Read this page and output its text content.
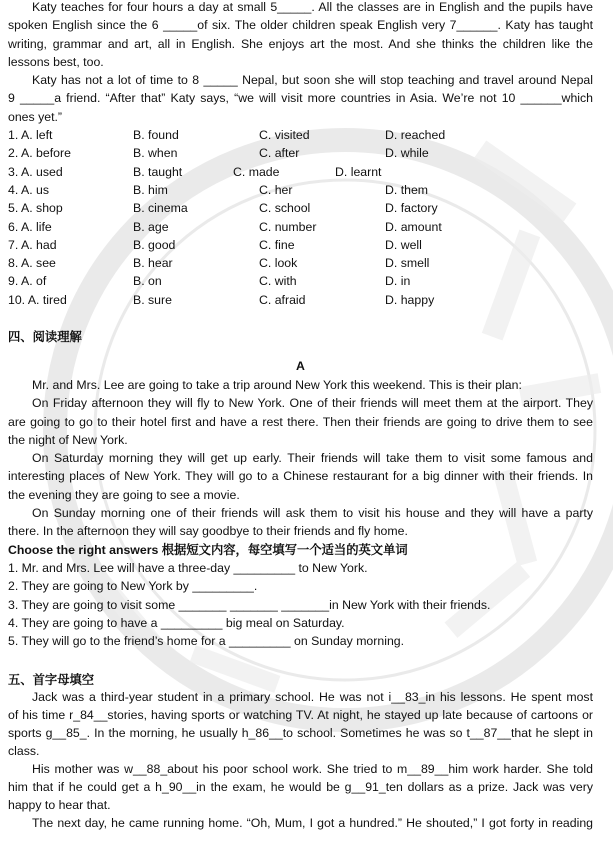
Katy teaches for four hours a day at small 5_____. All the classes are in English and the pupils have
spoken English since the 6 _____of six. The older children speak English very 7______. Katy has taught
writing, grammar and art, all in English. She enjoys art the most. And she thinks the children like the
lessons best, too.
Katy has not a lot of time to 8 _____ Nepal, but soon she will stop teaching and travel around Nepal
9 _____a friend. “After that” Katy says, “we will visit more countries in Asia. We’re not 10 ______which
ones yet.”
1. A. left	B. found	C. visited	D. reached
2. A. before	B. when	C. after	D. while
3. A. used	B. taught	C. made	D. learnt
4. A. us	B. him	C. her	D. them
5. A. shop	B. cinema	C. school	D. factory
6. A. life	B. age	C. number	D. amount
7. A. had	B. good	C. fine	D. well
8. A. see	B. hear	C. look	D. smell
9. A. of	B. on	C. with	D. in
10. A. tired	B. sure	C. afraid	D. happy
四、阅读理解
A
Mr. and Mrs. Lee are going to take a trip around New York this weekend. This is their plan:
On Friday afternoon they will fly to New York. One of their friends will meet them at the airport. They
are going to go to their hotel first and have a rest there. Then their friends are going to drive them to see
the night of New York.
On Saturday morning they will get up early. Their friends will take them to visit some famous and
interesting places of New York. They will go to a Chinese restaurant for a big dinner with their friends. In
the evening they are going to see a movie.
On Sunday morning one of their friends will ask them to visit his house and they will have a party
there. In the afternoon they will say goodbye to their friends and fly home.
Choose the right answers 根据短文内容，每空填写一个适当的英文单词
1. Mr. and Mrs. Lee will have a three-day _________ to New York.
2. They are going to New York by _________.
3. They are going to visit some _______ _______ _______in New York with their friends.
4. They are going to have a _________ big meal on Saturday.
5. They will go to the friend’s home for a _________ on Sunday morning.
五、首字母填空
Jack was a third-year student in a primary school. He was not i__83_in his lessons. He spent most
of his time r_84__stories, having sports or watching TV. At night, he stayed up late because of cartoons or
sports g__85_. In the morning, he usually h_86__to school. Sometimes he was so t__87__that he slept in
class.
His mother was w__88_about his poor school work. She tried to m__89__him work harder. She told
him that if he could get a h_90__in the exam, he would be g__91_ten dollars as a prize. Jack was very
happy to hear that.
The next day, he came running home. “Oh, Mum, I got a hundred.” He shouted,” I got forty in reading
